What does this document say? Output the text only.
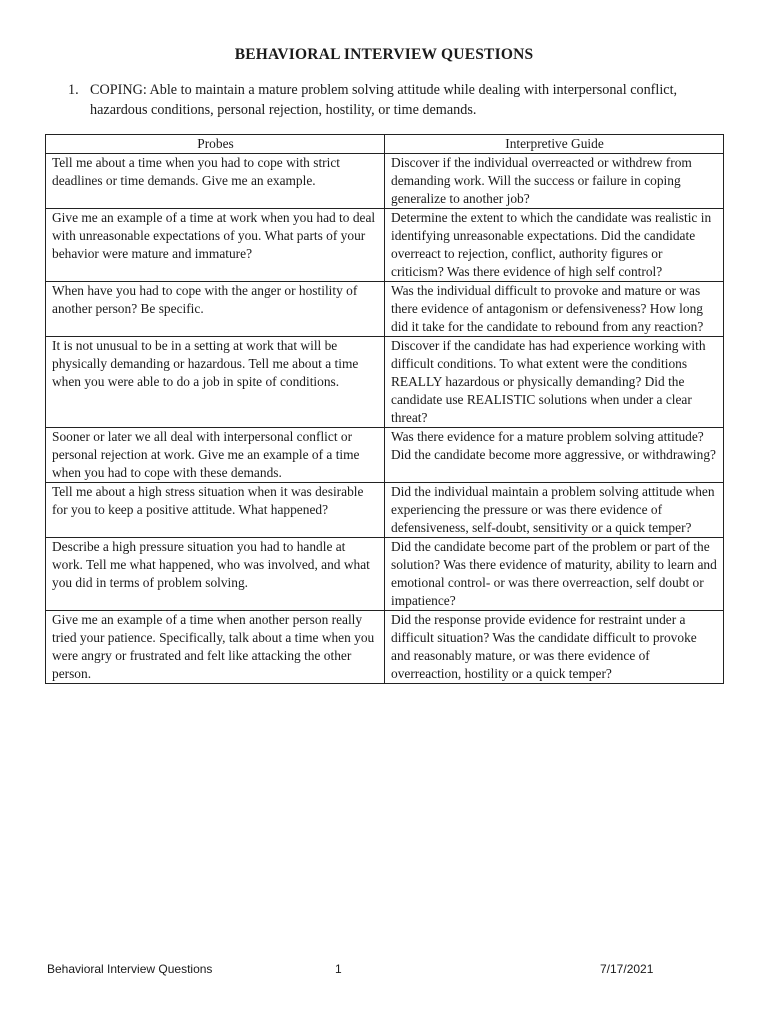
BEHAVIORAL INTERVIEW QUESTIONS
1. COPING: Able to maintain a mature problem solving attitude while dealing with interpersonal conflict, hazardous conditions, personal rejection, hostility, or time demands.
Probes	Interpretive Guide
Tell me about a time when you had to cope with strict deadlines or time demands. Give me an example.	Discover if the individual overreacted or withdrew from demanding work. Will the success or failure in coping generalize to another job?
Give me an example of a time at work when you had to deal with unreasonable expectations of you. What parts of your behavior were mature and immature?	Determine the extent to which the candidate was realistic in identifying unreasonable expectations. Did the candidate overreact to rejection, conflict, authority figures or criticism? Was there evidence of high self control?
When have you had to cope with the anger or hostility of another person? Be specific.	Was the individual difficult to provoke and mature or was there evidence of antagonism or defensiveness? How long did it take for the candidate to rebound from any reaction?
It is not unusual to be in a setting at work that will be physically demanding or hazardous. Tell me about a time when you were able to do a job in spite of conditions.	Discover if the candidate has had experience working with difficult conditions. To what extent were the conditions REALLY hazardous or physically demanding? Did the candidate use REALISTIC solutions when under a clear threat?
Sooner or later we all deal with interpersonal conflict or personal rejection at work. Give me an example of a time when you had to cope with these demands.	Was there evidence for a mature problem solving attitude? Did the candidate become more aggressive, or withdrawing?
Tell me about a high stress situation when it was desirable for you to keep a positive attitude. What happened?	Did the individual maintain a problem solving attitude when experiencing the pressure or was there evidence of defensiveness, self-doubt, sensitivity or a quick temper?
Describe a high pressure situation you had to handle at work. Tell me what happened, who was involved, and what you did in terms of problem solving.	Did the candidate become part of the problem or part of the solution? Was there evidence of maturity, ability to learn and emotional control- or was there overreaction, self doubt or impatience?
Give me an example of a time when another person really tried your patience. Specifically, talk about a time when you were angry or frustrated and felt like attacking the other person.	Did the response provide evidence for restraint under a difficult situation? Was the candidate difficult to provoke and reasonably mature, or was there evidence of overreaction, hostility or a quick temper?
Behavioral Interview Questions	1	7/17/2021
